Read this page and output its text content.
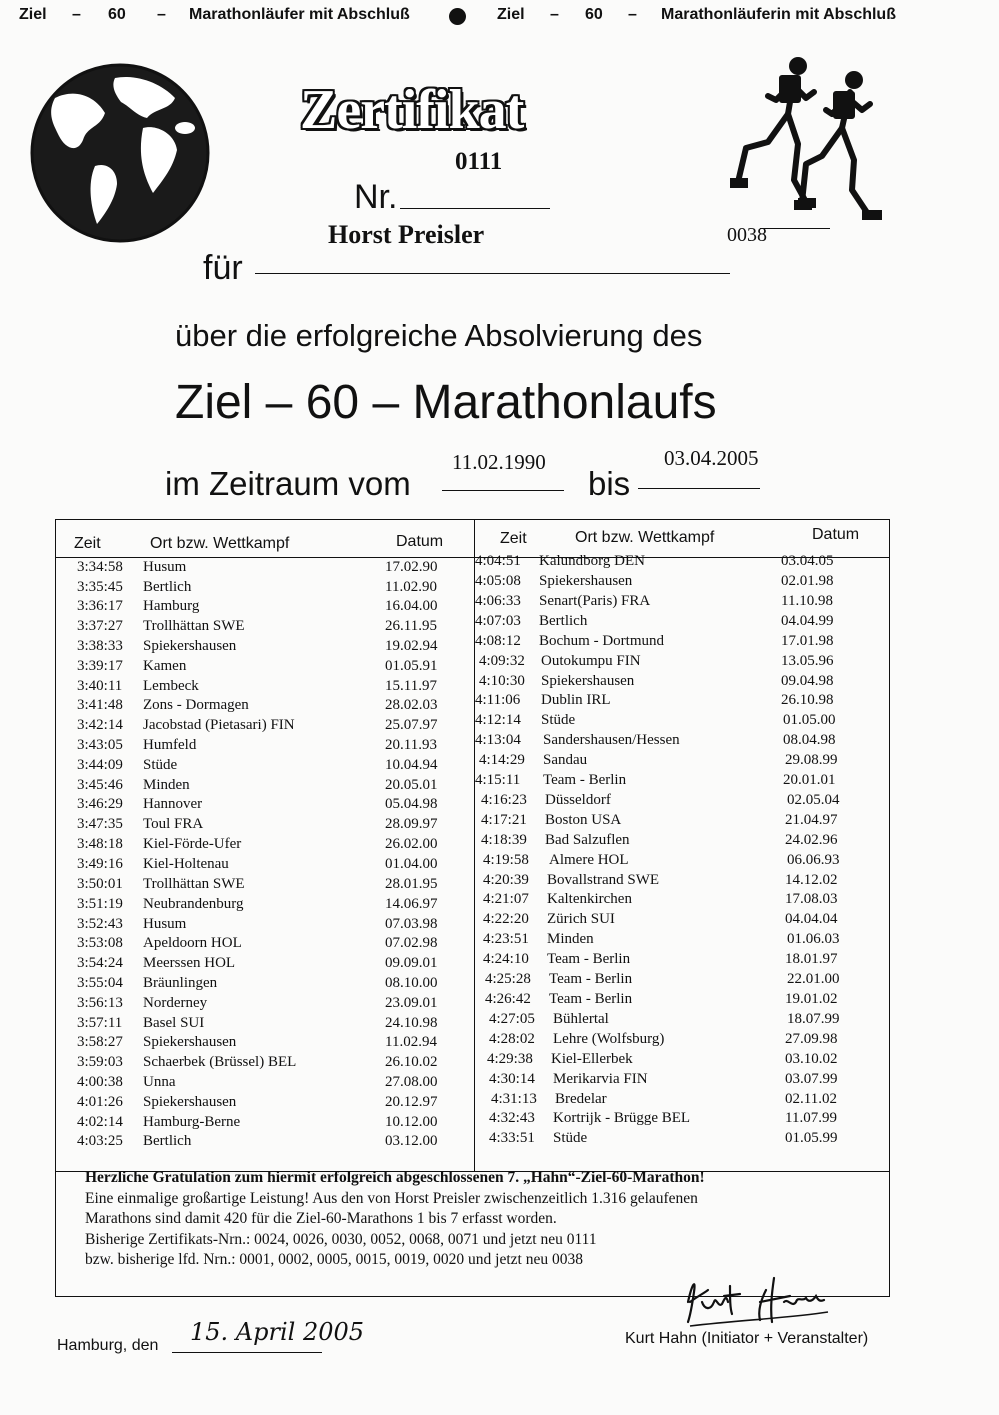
Ziel – 60 – Marathonläufer mit Abschluß	Ziel – 60 – Marathonläuferin mit Abschluß
Zertifikat
0111
Nr.
Horst Preisler	0038
für
über die erfolgreiche Absolvierung des
Ziel – 60 – Marathonlaufs
im Zeitraum vom
11.02.1990
bis
03.04.2005
Zeit	Ort bzw. Wettkampf	Datum	Zeit	Ort bzw. Wettkampf	Datum
3:34:58 Husum	17.02.90
3:35:45 Bertlich	11.02.90
3:36:17 Hamburg	16.04.00
3:37:27 Trollhättan SWE	26.11.95
3:38:33 Spiekershausen	19.02.94
3:39:17 Kamen	01.05.91
3:40:11 Lembeck	15.11.97
3:41:48 Zons - Dormagen	28.02.03
3:42:14 Jacobstad (Pietasari) FIN	25.07.97
3:43:05 Humfeld	20.11.93
3:44:09 Stüde	10.04.94
3:45:46 Minden	20.05.01
3:46:29 Hannover	05.04.98
3:47:35 Toul FRA	28.09.97
3:48:18 Kiel-Förde-Ufer	26.02.00
3:49:16 Kiel-Holtenau	01.04.00
3:50:01 Trollhättan SWE	28.01.95
3:51:19 Neubrandenburg	14.06.97
3:52:43 Husum	07.03.98
3:53:08 Apeldoorn HOL	07.02.98
3:54:24 Meerssen HOL	09.09.01
3:55:04 Bräunlingen	08.10.00
3:56:13 Norderney	23.09.01
3:57:11 Basel SUI	24.10.98
3:58:27 Spiekershausen	11.02.94
3:59:03 Schaerbek (Brüssel) BEL	26.10.02
4:00:38 Unna	27.08.00
4:01:26 Spiekershausen	20.12.97
4:02:14 Hamburg-Berne	10.12.00
4:03:25 Bertlich	03.12.00
4:04:51 Kalundborg DEN	03.04.05
4:05:08 Spiekershausen	02.01.98
4:06:33 Senart(Paris) FRA	11.10.98
4:07:03 Bertlich	04.04.99
4:08:12 Bochum - Dortmund	17.01.98
4:09:32 Outokumpu FIN	13.05.96
4:10:30 Spiekershausen	09.04.98
4:11:06 Dublin IRL	26.10.98
4:12:14 Stüde	01.05.00
4:13:04 Sandershausen/Hessen	08.04.98
4:14:29 Sandau	29.08.99
4:15:11 Team - Berlin	20.01.01
4:16:23 Düsseldorf	02.05.04
4:17:21 Boston USA	21.04.97
4:18:39 Bad Salzuflen	24.02.96
4:19:58 Almere HOL	06.06.93
4:20:39 Bovallstrand SWE	14.12.02
4:21:07 Kaltenkirchen	17.08.03
4:22:20 Zürich SUI	04.04.04
4:23:51 Minden	01.06.03
4:24:10 Team - Berlin	18.01.97
4:25:28 Team - Berlin	22.01.00
4:26:42 Team - Berlin	19.01.02
4:27:05 Bühlertal	18.07.99
4:28:02 Lehre (Wolfsburg)	27.09.98
4:29:38 Kiel-Ellerbek	03.10.02
4:30:14 Merikarvia FIN	03.07.99
4:31:13 Bredelar	02.11.02
4:32:43 Kortrijk - Brügge BEL	11.07.99
4:33:51 Stüde	01.05.99
Herzliche Gratulation zum hiermit erfolgreich abgeschlossenen 7. „Hahn“-Ziel-60-Marathon!
Eine einmalige großartige Leistung! Aus den von Horst Preisler zwischenzeitlich 1.316 gelaufenen
Marathons sind damit 420 für die Ziel-60-Marathons 1 bis 7 erfasst worden.
Bisherige Zertifikats-Nrn.: 0024, 0026, 0030, 0052, 0068, 0071 und jetzt neu 0111
bzw. bisherige lfd. Nrn.: 0001, 0002, 0005, 0015, 0019, 0020 und jetzt neu 0038
Hamburg, den 15. April 2005
Kurt Hahn
Kurt Hahn (Initiator + Veranstalter)
